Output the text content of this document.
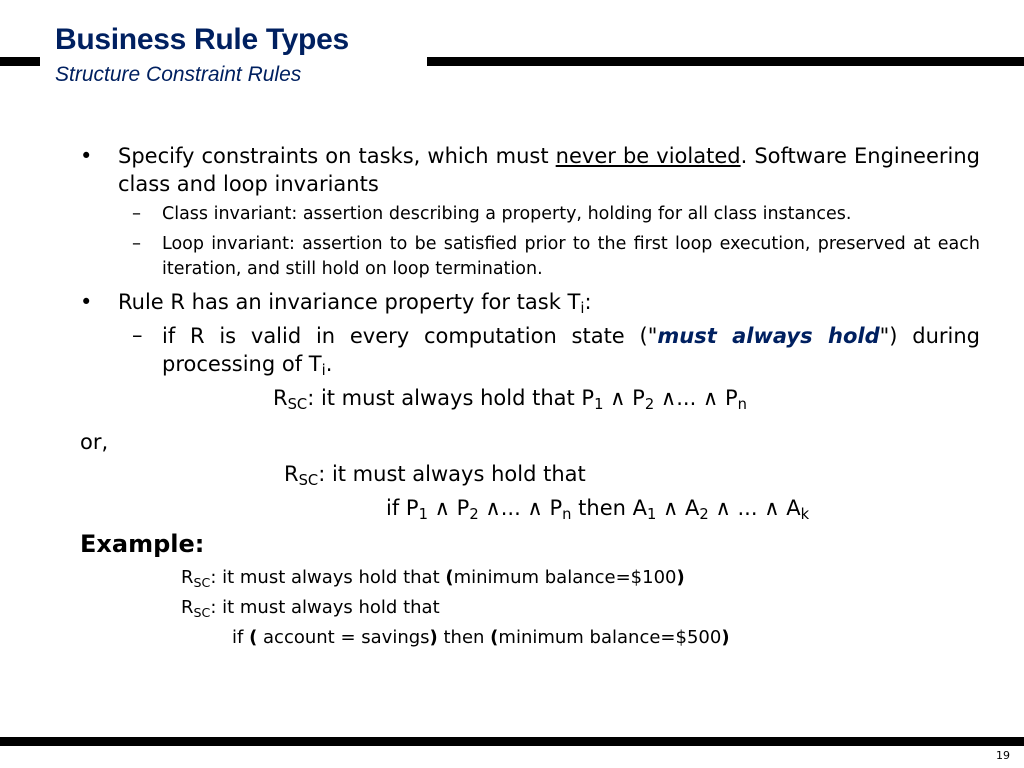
Business Rule Types
Structure Constraint Rules
• Specify constraints on tasks, which must never be violated. Software Engineering class and loop invariants
– Class invariant: assertion describing a property, holding for all class instances.
– Loop invariant: assertion to be satisfied prior to the first loop execution, preserved at each iteration, and still hold on loop termination.
• Rule R has an invariance property for task $T_i$:
– if R is valid in every computation state ("must always hold") during processing of $T_i$.
$R_{SC}$: it must always hold that $P_1$ ∧ $P_2$ ∧... ∧ $P_n$
or,
$R_{SC}$: it must always hold that
if $P_1$ ∧ $P_2$ ∧... ∧ $P_n$ then $A_1$ ∧ $A_2$ ∧ ... ∧ $A_k$
Example:
$R_{SC}$: it must always hold that (minimum balance=$100)
$R_{SC}$: it must always hold that
if ( account = savings) then (minimum balance=$500)
19
